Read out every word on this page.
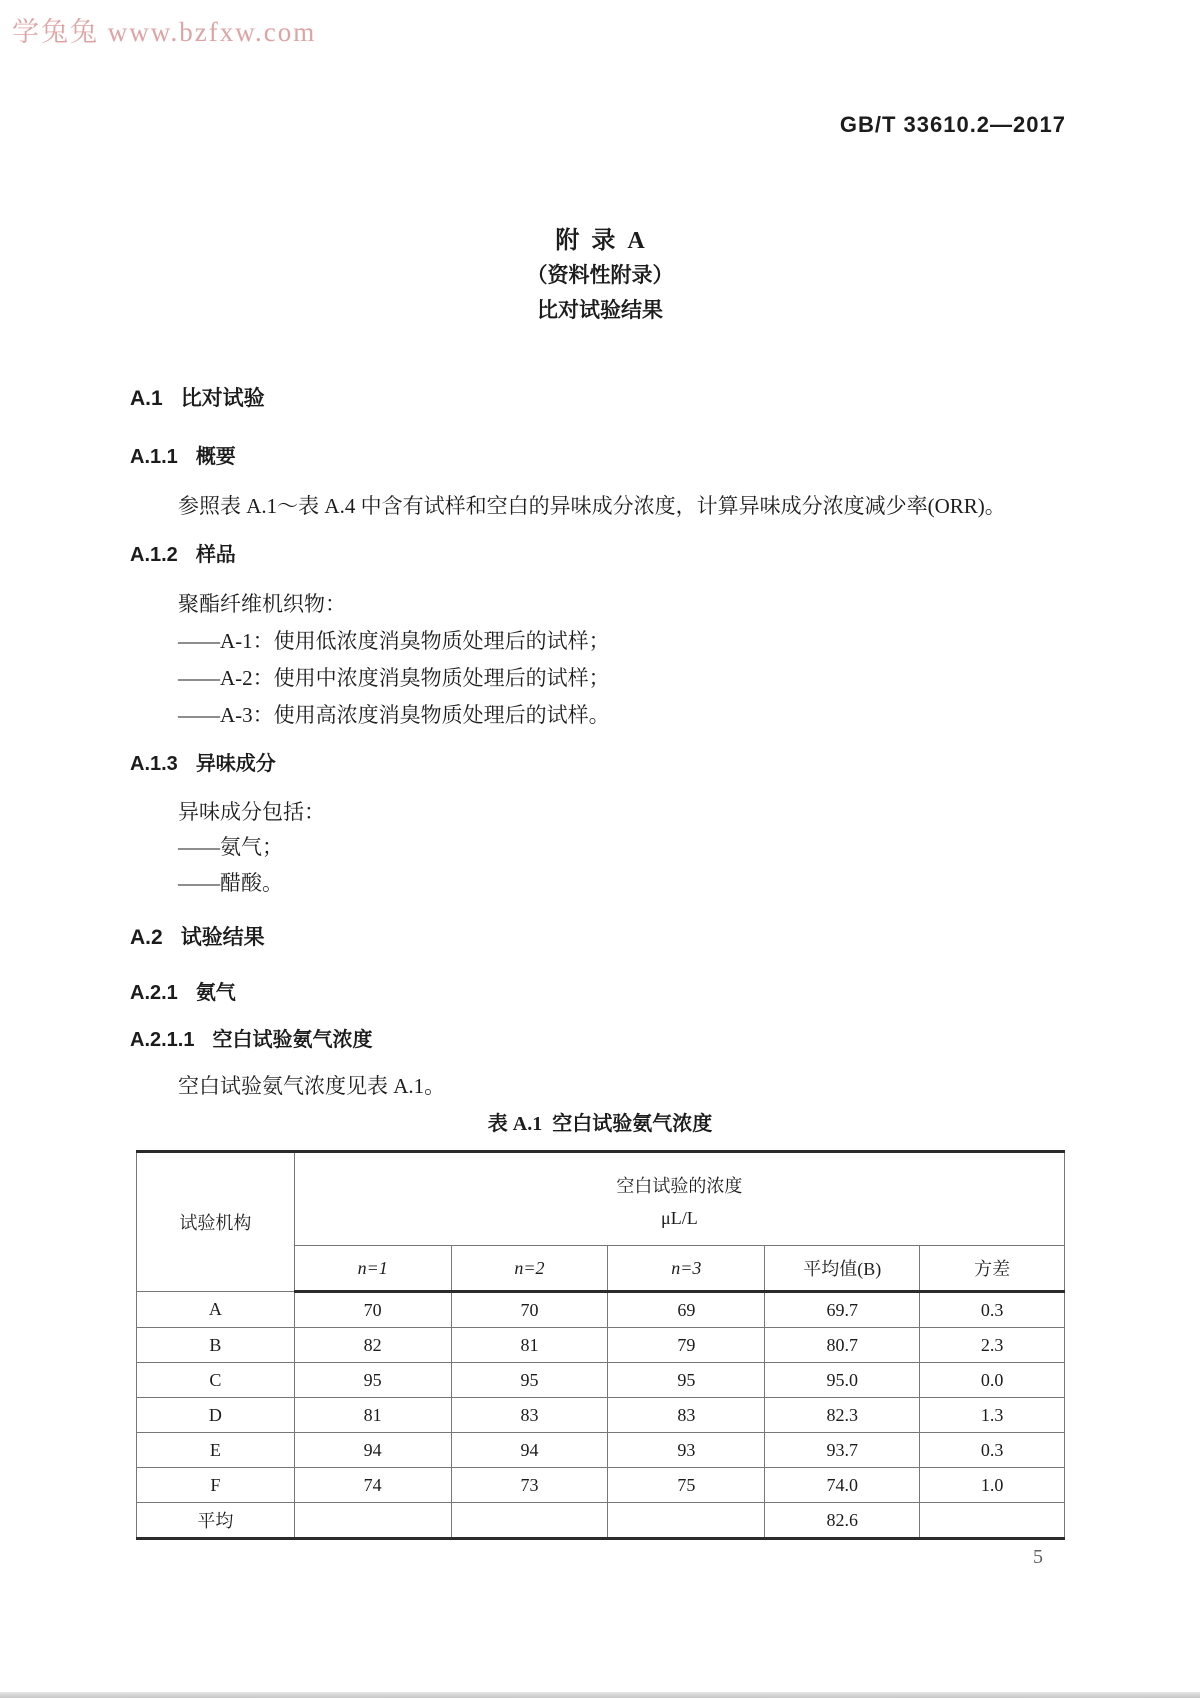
学兔兔 www.bzfxw.com
GB/T 33610.2—2017
附  录  A
（资料性附录）
比对试验结果
A.1 比对试验
A.1.1 概要
参照表 A.1～表 A.4 中含有试样和空白的异味成分浓度，计算异味成分浓度减少率(ORR)。
A.1.2 样品
聚酯纤维机织物：
——A-1：使用低浓度消臭物质处理后的试样；
——A-2：使用中浓度消臭物质处理后的试样；
——A-3：使用高浓度消臭物质处理后的试样。
A.1.3 异味成分
异味成分包括：
——氨气；
——醋酸。
A.2 试验结果
A.2.1 氨气
A.2.1.1 空白试验氨气浓度
空白试验氨气浓度见表 A.1。
表 A.1  空白试验氨气浓度
试验机构	空白试验的浓度
μL/L				

	n=1	n=2	n=3	平均值(B)	方差
A	70	70	69	69.7	0.3
B	82	81	79	80.7	2.3
C	95	95	95	95.0	0.0
D	81	83	83	82.3	1.3
E	94	94	93	93.7	0.3
F	74	73	75	74.0	1.0
平均				82.6	
5
